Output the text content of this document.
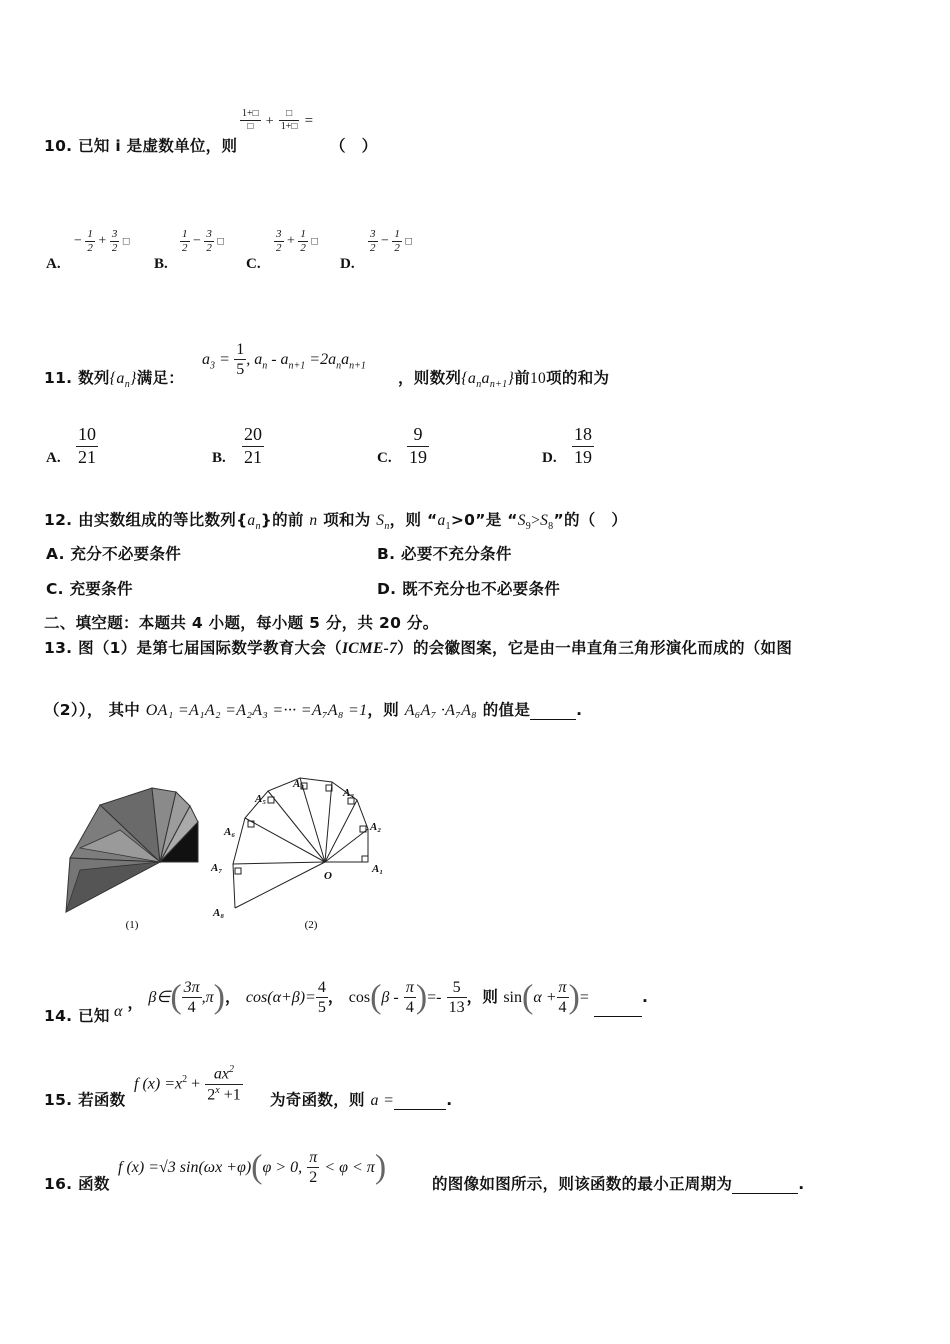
10. 已知 i 是虚数单位，则
$\frac{1+□}{□} + \frac{□}{1+□}$ =
（　）
A.
− $\frac{1}{2} + \frac{3}{2}$ □
B.
$\frac{1}{2} - \frac{3}{2}$ □
C.
$\frac{3}{2} + \frac{1}{2}$ □
D.
$\frac{3}{2} - \frac{1}{2}$ □
11. 数列$\{a_n\}$满足：
$a_3 = \frac{1}{5}$ , $a_n - a_{n+1} =2a_na_{n+1}$
，则数列$\{a_na_{n+1}\}$前10项的和为
A. $\frac{10}{21}$	B. $\frac{20}{21}$	C. $\frac{9}{19}$	D. $\frac{18}{19}$
12. 由实数组成的等比数列$\{a_n\}$的前 n 项和为 $S_n$，则 “$a_1>0$”是 “$S_9>S_8$”的（　）
A. 充分不必要条件	B. 必要不充分条件
C. 充要条件	D. 既不充分也不必要条件
二、填空题：本题共 4 小题，每小题 5 分，共 20 分。
13. 图（1）是第七届国际数学教育大会（ICME-7）的会徽图案，它是由一串直角三角形演化而成的（如图
（2））， 其中 OA₁ =A₁A₂ =A₂A₃ =··· =A₇A₈ =1，则 A₆A₇ ·A₇A₈ 的值是	.
(1)
A₁
A₂
A₃
A₄
A₅
A₆
A₇
A₈
O
(2)
14. 已知 α ， β∈( $\frac{3\pi}{4} ,\pi$)， $\cos(\alpha+\beta)= \frac{4}{5}$ ， $\cos(\beta - \frac{\pi}{4}$ )=- $\frac{5}{13}$ ，则 $\sin(\alpha + \frac{\pi}{4}$ )=	.
15. 若函数
f $(x) =x^2 + \frac{ax^2}{2^x +1}$ 为奇函数，则 a =	.
16. 函数
f (x) =√3 sin(ωx +φ)(φ > 0, $\frac{\pi}{2} < \varphi < \pi$)	的图像如图所示，则该函数的最小正周期为	.
